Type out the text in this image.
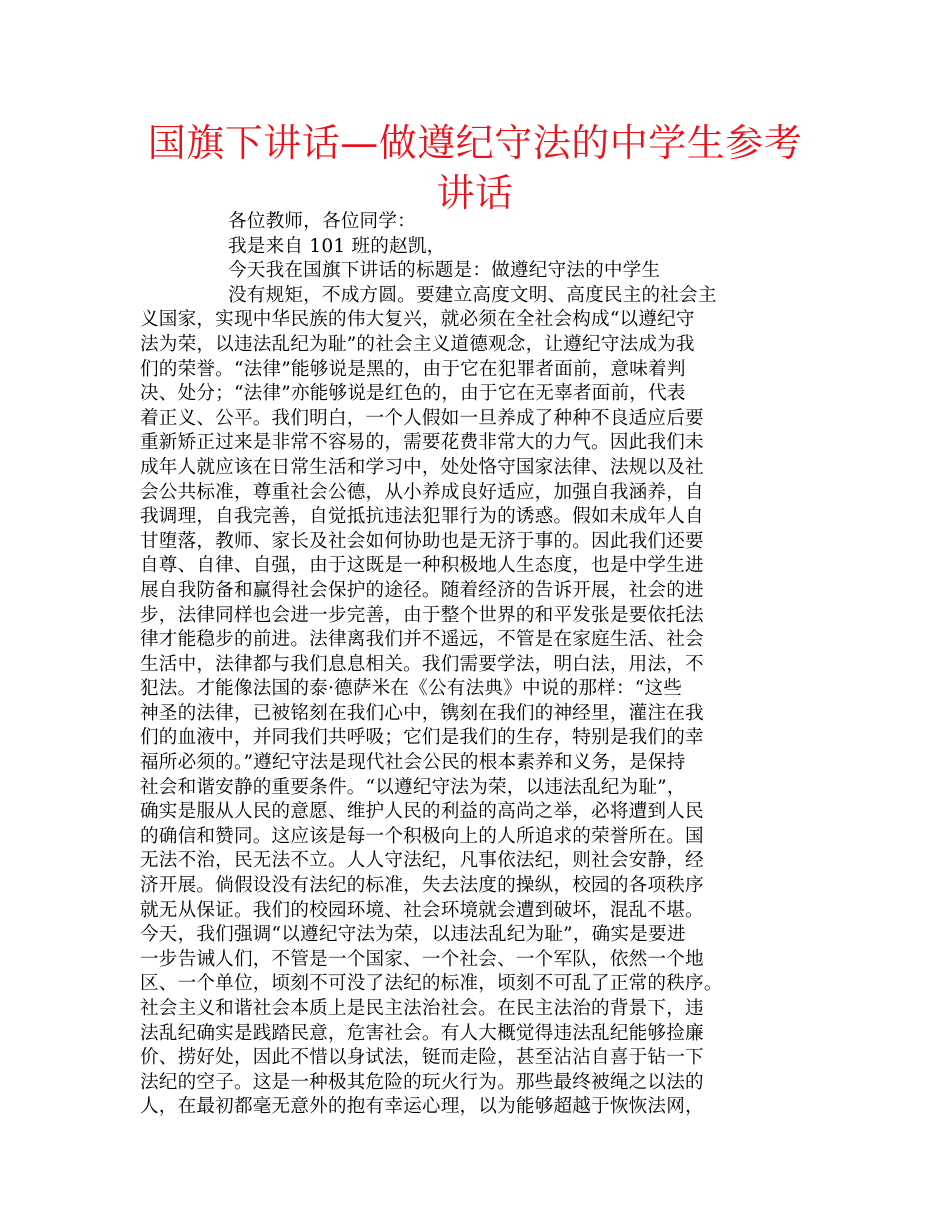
国旗下讲话—做遵纪守法的中学生参考讲话
各位教师，各位同学：
我是来自 101 班的赵凯，
今天我在国旗下讲话的标题是：做遵纪守法的中学生
没有规矩，不成方圆。要建立高度文明、高度民主的社会主
义国家，实现中华民族的伟大复兴，就必须在全社会构成“以遵纪守
法为荣，以违法乱纪为耻”的社会主义道德观念，让遵纪守法成为我
们的荣誉。“法律”能够说是黑的，由于它在犯罪者面前，意味着判
决、处分；“法律”亦能够说是红色的，由于它在无辜者面前，代表
着正义、公平。我们明白，一个人假如一旦养成了种种不良适应后要
重新矫正过来是非常不容易的，需要花费非常大的力气。因此我们未
成年人就应该在日常生活和学习中，处处恪守国家法律、法规以及社
会公共标准，尊重社会公德，从小养成良好适应，加强自我涵养，自
我调理，自我完善，自觉抵抗违法犯罪行为的诱惑。假如未成年人自
甘堕落，教师、家长及社会如何协助也是无济于事的。因此我们还要
自尊、自律、自强，由于这既是一种积极地人生态度，也是中学生进
展自我防备和赢得社会保护的途径。随着经济的告诉开展，社会的进
步，法律同样也会进一步完善，由于整个世界的和平发张是要依托法
律才能稳步的前进。法律离我们并不遥远，不管是在家庭生活、社会
生活中，法律都与我们息息相关。我们需要学法，明白法，用法，不
犯法。才能像法国的泰·德萨米在《公有法典》中说的那样：“这些
神圣的法律，已被铭刻在我们心中，镌刻在我们的神经里，灌注在我
们的血液中，并同我们共呼吸；它们是我们的生存，特别是我们的幸
福所必须的。”遵纪守法是现代社会公民的根本素养和义务，是保持
社会和谐安静的重要条件。“以遵纪守法为荣，以违法乱纪为耻”，
确实是服从人民的意愿、维护人民的利益的高尚之举，必将遭到人民
的确信和赞同。这应该是每一个积极向上的人所追求的荣誉所在。国
无法不治，民无法不立。人人守法纪，凡事依法纪，则社会安静，经
济开展。倘假设没有法纪的标准，失去法度的操纵，校园的各项秩序
就无从保证。我们的校园环境、社会环境就会遭到破坏，混乱不堪。
今天，我们强调“以遵纪守法为荣，以违法乱纪为耻”，确实是要进
一步告诫人们，不管是一个国家、一个社会、一个军队，依然一个地
区、一个单位，顷刻不可没了法纪的标准，顷刻不可乱了正常的秩序。
社会主义和谐社会本质上是民主法治社会。在民主法治的背景下，违
法乱纪确实是践踏民意，危害社会。有人大概觉得违法乱纪能够捡廉
价、捞好处，因此不惜以身试法，铤而走险，甚至沾沾自喜于钻一下
法纪的空子。这是一种极其危险的玩火行为。那些最终被绳之以法的
人，在最初都毫无意外的抱有幸运心理，以为能够超越于恢恢法网，
